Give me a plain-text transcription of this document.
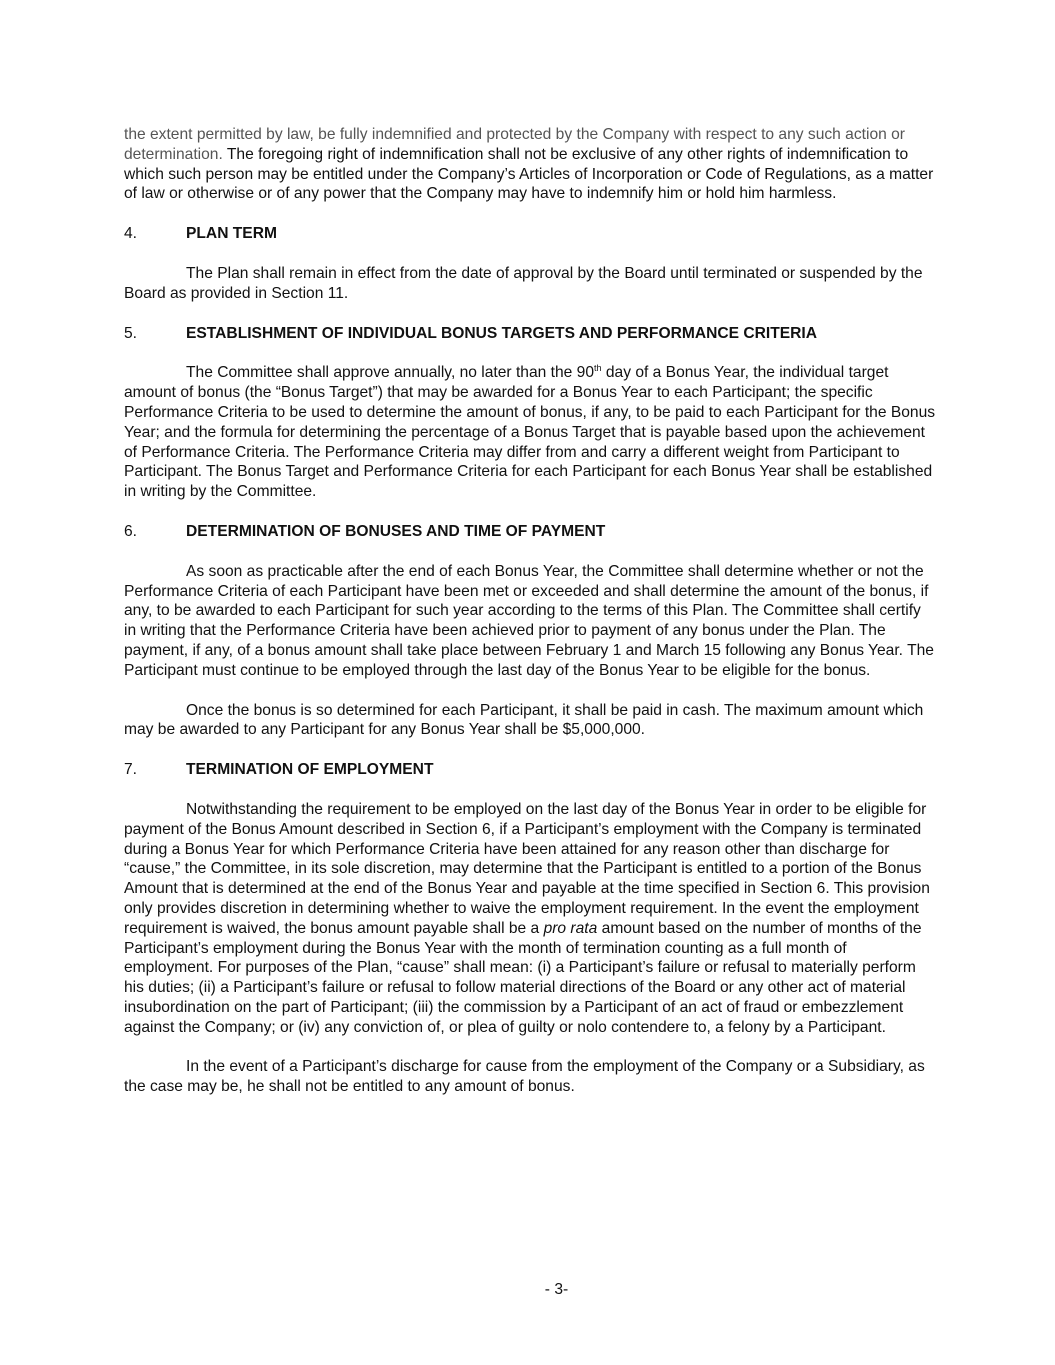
the extent permitted by law, be fully indemnified and protected by the Company with respect to any such action or determination. The foregoing right of indemnification shall not be exclusive of any other rights of indemnification to which such person may be entitled under the Company’s Articles of Incorporation or Code of Regulations, as a matter of law or otherwise or of any power that the Company may have to indemnify him or hold him harmless.

4.	PLAN TERM

The Plan shall remain in effect from the date of approval by the Board until terminated or suspended by the Board as provided in Section 11.

5.	ESTABLISHMENT OF INDIVIDUAL BONUS TARGETS AND PERFORMANCE CRITERIA

The Committee shall approve annually, no later than the 90th day of a Bonus Year, the individual target amount of bonus (the “Bonus Target”) that may be awarded for a Bonus Year to each Participant; the specific Performance Criteria to be used to determine the amount of bonus, if any, to be paid to each Participant for the Bonus Year; and the formula for determining the percentage of a Bonus Target that is payable based upon the achievement of Performance Criteria. The Performance Criteria may differ from and carry a different weight from Participant to Participant. The Bonus Target and Performance Criteria for each Participant for each Bonus Year shall be established in writing by the Committee.

6.	DETERMINATION OF BONUSES AND TIME OF PAYMENT

As soon as practicable after the end of each Bonus Year, the Committee shall determine whether or not the Performance Criteria of each Participant have been met or exceeded and shall determine the amount of the bonus, if any, to be awarded to each Participant for such year according to the terms of this Plan. The Committee shall certify in writing that the Performance Criteria have been achieved prior to payment of any bonus under the Plan. The payment, if any, of a bonus amount shall take place between February 1 and March 15 following any Bonus Year. The Participant must continue to be employed through the last day of the Bonus Year to be eligible for the bonus.

Once the bonus is so determined for each Participant, it shall be paid in cash. The maximum amount which may be awarded to any Participant for any Bonus Year shall be $5,000,000.

7.	TERMINATION OF EMPLOYMENT

Notwithstanding the requirement to be employed on the last day of the Bonus Year in order to be eligible for payment of the Bonus Amount described in Section 6, if a Participant’s employment with the Company is terminated during a Bonus Year for which Performance Criteria have been attained for any reason other than discharge for “cause,” the Committee, in its sole discretion, may determine that the Participant is entitled to a portion of the Bonus Amount that is determined at the end of the Bonus Year and payable at the time specified in Section 6. This provision only provides discretion in determining whether to waive the employment requirement. In the event the employment requirement is waived, the bonus amount payable shall be a pro rata amount based on the number of months of the Participant’s employment during the Bonus Year with the month of termination counting as a full month of employment. For purposes of the Plan, “cause” shall mean: (i) a Participant’s failure or refusal to materially perform his duties; (ii) a Participant’s failure or refusal to follow material directions of the Board or any other act of material insubordination on the part of Participant; (iii) the commission by a Participant of an act of fraud or embezzlement against the Company; or (iv) any conviction of, or plea of guilty or nolo contendere to, a felony by a Participant.

In the event of a Participant’s discharge for cause from the employment of the Company or a Subsidiary, as the case may be, he shall not be entitled to any amount of bonus.

- 3-
